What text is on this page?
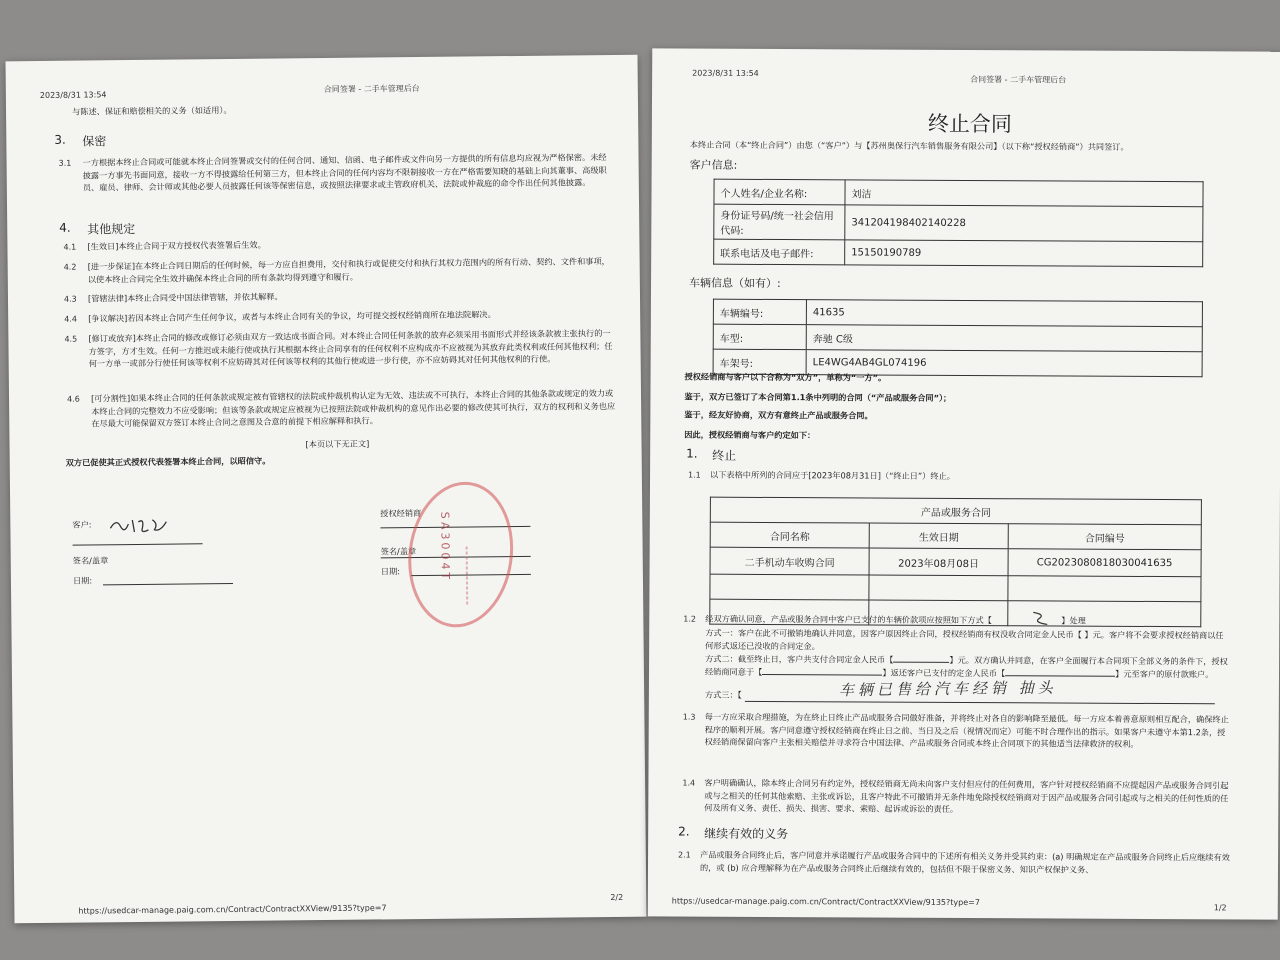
2023/8/31 13:54
合同签署 - 二手车管理后台
与陈述、保证和赔偿相关的义务（如适用）。
3. 保密
3.1 一方根据本终止合同或可能就本终止合同签署或交付的任何合同、通知、信函、电子邮件或文件向另一方提供的所有信息均应视为严格保密。未经披露一方事先书面同意，接收一方不得披露给任何第三方，但本终止合同的任何内容均不限制接收一方在严格需要知晓的基础上向其董事、高级职员、雇员、律师、会计师或其他必要人员披露任何该等保密信息，或按照法律要求或主管政府机关、法院或仲裁庭的命令作出任何其他披露。
4. 其他规定
4.1 [生效日]本终止合同于双方授权代表签署后生效。
4.2 [进一步保证]在本终止合同日期后的任何时候，每一方应自担费用，交付和执行或促使交付和执行其权力范围内的所有行动、契约、文件和事项，以使本终止合同完全生效并确保本终止合同的所有条款均得到遵守和履行。
4.3 [管辖法律]本终止合同受中国法律管辖，并依其解释。
4.4 [争议解决]若因本终止合同产生任何争议，或者与本终止合同有关的争议，均可提交授权经销商所在地法院解决。
4.5 [修订或放弃]本终止合同的修改或修订必须由双方一致达成书面合同。对本终止合同任何条款的放弃必须采用书面形式并经该条款被主张执行的一方签字，方才生效。任何一方推迟或未能行使或执行其根据本终止合同享有的任何权利不应构成亦不应被视为其放弃此类权利或任何其他权利；任何一方单一或部分行使任何该等权利不应妨碍其对任何该等权利的其他行使或进一步行使，亦不应妨碍其对任何其他权利的行使。
4.6 [可分割性]如果本终止合同的任何条款或规定被有管辖权的法院或仲裁机构认定为无效、违法或不可执行，本终止合同的其他条款或规定的效力或本终止合同的完整效力不应受影响；但该等条款或规定应被视为已按照法院或仲裁机构的意见作出必要的修改使其可执行，双方的权利和义务也应在尽最大可能保留双方签订本终止合同之意图及合意的前提下相应解释和执行。
[本页以下无正文]
双方已促使其正式授权代表签署本终止合同，以昭信守。
客户:
签名/盖章
日期:
授权经销商
签名/盖章
日期:	SA3004T
https://usedcar-manage.paig.com.cn/Contract/ContractXXView/9135?type=7
2/2
2023/8/31 13:54
合同签署 - 二手车管理后台
终止合同
本终止合同（本“终止合同”）由您（“客户”）与【苏州奥保行汽车销售服务有限公司】（以下称“授权经销商”）共同签订。
客户信息:
个人姓名/企业名称:	刘洁
身份证号码/统一社会信用代码:	341204198402140228
联系电话及电子邮件:	15150190789
车辆信息（如有）:
车辆编号:	41635
车型:	奔驰 C级
车架号:	LE4WG4AB4GL074196
授权经销商与客户以下合称为“双方”，单称为“一方”。
鉴于，双方已签订了本合同第1.1条中列明的合同（“产品或服务合同”）；
鉴于，经友好协商，双方有意终止产品或服务合同。
因此，授权经销商与客户约定如下：
1. 终止
1.1 以下表格中所列的合同应于[2023年08月31日]（“终止日”）终止。
产品或服务合同		
合同名称	生效日期	合同编号
二手机动车收购合同	2023年08月08日	CG2023080818030041635

1.2 经双方确认同意，产品或服务合同中客户已支付的车辆价款项应按照如下方式【	】处理
方式一：客户在此不可撤销地确认并同意，因客户原因终止合同，授权经销商有权没收合同定金人民币【 】元。客户将不会要求授权经销商以任何形式返还已没收的合同定金。
方式二：截至终止日，客户共支付合同定金人民币【	】元。双方确认并同意，在客户全面履行本合同项下全部义务的条件下，授权经销商同意于【	】返还客户已支付的定金人民币【	】元至客户的原付款账户。
方式三：【	车辆已售给汽车经销 抽头
1.3 每一方应采取合理措施，为在終止日终止产品或服务合同做好准备，并将终止对各自的影响降至最低。每一方应本着善意原则相互配合，确保终止程序的顺利开展。客户同意遵守授权经销商在终止日之前、当日及之后（视情况而定）可能不时合理作出的指示。如果客户未遵守本第1.2条，授权经销商保留向客户主张相关赔偿并寻求符合中国法律、产品或服务合同或本终止合同项下的其他适当法律救济的权利。
1.4 客户明确确认，除本终止合同另有约定外，授权经销商无尚未向客户支付但应付的任何费用，客户针对授权经销商不应提起因产品或服务合同引起或与之相关的任何其他索赔、主张或诉讼，且客户特此不可撤销并无条件地免除授权经销商对于因产品或服务合同引起或与之相关的任何性质的任何及所有义务、责任、损失、损害、要求、索赔、起诉或诉讼的责任。
2. 继续有效的义务
2.1 产品或服务合同终止后，客户同意并承诺履行产品或服务合同中的下述所有相关义务并受其约束：(a) 明确规定在产品或服务合同终止后应继续有效的，或 (b) 应合理解释为在产品或服务合同终止后继续有效的，包括但不限于保密义务、知识产权保护义务、
https://usedcar-manage.paig.com.cn/Contract/ContractXXView/9135?type=7
1/2
